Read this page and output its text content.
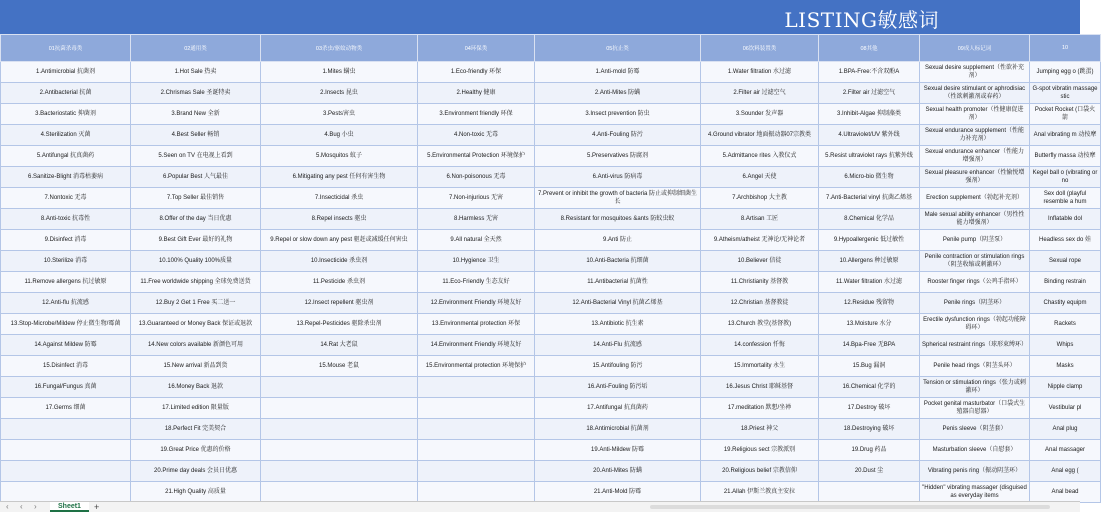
LISTING敏感词
01抗菌杀毒类	02通用类	03杀虫/驱蚊动物类	04环保类	05抗止类	06饮料装置类	08其他	09成人标记词	10
1.Antimicrobial 抗菌剂	1.Hot Sale 热卖	1.Mites 螨虫	1.Eco-friendly 环保	1.Anti-mold 防霉	1.Water filtration 水过滤	1.BPA-Free:不含双酚A	Sexual desire supplement（性欲补充剂）	Jumping egg o (跳蛋)
2.Antibacterial 抗菌	2.Chrismas Sale 圣诞特卖	2.Insects 昆虫	2.Healthy 健康	2.Anti-Mites 防螨	2.Filter air 过滤空气	2.Filter air 过滤空气	Sexual desire stimulant or aphrodisiac（性欲刺激剂或春药）	G-spot vibratin massage stic
3.Bacteriostatic 抑菌剂	3.Brand New 全新	3.Pests害虫	3.Environment friendly 环保	3.Insect prevention 防虫	3.Sounder 发声器	3.Inhibit-Algae 抑制藻类	Sexual health promoter（性健康促进剂）	Pocket Rocket (口袋火箭
4.Sterilization 灭菌	4.Best Seller 畅销	4.Bug 小虫	4.Non-toxic 无毒	4.Anti-Fouling 防污	4.Ground vibrator 地面振动器07宗教类	4.Ultraviolet/UV 紫外线	Sexual endurance supplement（性能力补充剂）	Anal vibrating m 动按摩
5.Antifungal 抗真菌药	5.Seen on TV 在电视上看到	5.Mosquitos 蚊子	5.Environmental Protection 环境保护	5.Preservatives 防腐剂	5.Admittance rites 入教仪式	5.Resist ultraviolet rays 抗紫外线	Sexual endurance enhancer（性能力增强剂）	Butterfly massa 动按摩
6.Sanitize-Blight 消毒枯萎病	6.Popular Best 人气最佳	6.Mitigating any pest 任何有害生物	6.Non-poisonous 无毒	6.Anti-virus 防病毒	6.Angel 天使	6.Micro-bio 微生物	Sexual pleasure enhancer（性愉悦增强剂）	Kegel ball o (vibrating or no
7.Nontoxic 无毒	7.Top Seller 最佳销售	7.Insecticidal 杀虫	7.Non-injurious 无害	7.Prevent or inhibit the growth of bacteria 防止或抑制细菌生长	7.Archbishop 大主教	7.Anti-Bacterial vinyl 抗菌乙烯基	Erection supplement（勃起补充剂）	Sex doll (playful resemble a hum
8.Anti-toxic 抗毒性	8.Offer of the day 当日优惠	8.Repel insects 驱虫	8.Harmless 无害	8.Resistant for mosquitoes &ants 防蚊虫蚁	8.Artisan 工匠	8.Chemical 化学品	Male sexual ability enhancer（男性性能力增强剂）	Inflatable dol
9.Disinfect 消毒	9.Best Gift Ever 最好的礼物	9.Repel or slow down any pest 驱赶或减缓任何害虫	9.All natural 全天然	9.Anti 防止	9.Atheism/atheist 无神论/无神论者	9.Hypoallergenic 低过敏性	Penile pump（阴茎泵）	Headless sex do 娃
10.Sterilize 消毒	10.100% Quality 100%质量	10.Insecticide 杀虫剂	10.Hygience 卫生	10.Anti-Bacteria 抗细菌	10.Believer 信徒	10.Allergens 种过敏原	Penile contraction or stimulation rings（阴茎收缩或刺激环）	Sexual rope
11.Remove allergens 抗过敏原	11.Free worldwide shipping 全球免费送货	11.Pesticide 杀虫剂	11.Eco-Friendly 生态友好	11.Antibacterial 抗菌性	11.Christianity 基督教	11.Water filtration 水过滤	Rooster finger rings（公鸡手指环）	Binding restrain
12.Anti-flu 抗流感	12.Buy 2 Get 1 Free 买二送一	12.Insect repellent 驱虫剂	12.Environment Friendly 环境友好	12.Anti-Bacterial Vinyl 抗菌乙烯基	12.Christian 基督教徒	12.Residue 残留物	Penile rings（阴茎环）	Chastity equipm
13.Stop-Microbe/Mildew 停止微生物/霉菌	13.Guaranteed or Money Back 保证或退款	13.Repel-Pesticides 驱除杀虫剂	13.Environmental protection 环保	13.Antibiotic 抗生素	13.Church 教堂(基督教)	13.Moisture 水分	Erectile dysfunction rings（勃起功能障碍环）	Rackets
14.Against Mildew 防霉	14.New colors available 新颜色可用	14.Rat 大老鼠	14.Environment Friendly 环境友好	14.Anti-Flu 抗流感	14.confession 忏悔	14.Bpa-Free 无BPA	Spherical restraint rings（球形束缚环）	Whips
15.Disinfect 消毒	15.New arrival 新品到货	15.Mouse 老鼠	15.Environmental protection 环境保护	15.Antifouling 防污	15.Immortality 永生	15.Bug 漏洞	Penile head rings（阴茎头环）	Masks
16.Fungal/Fungus 真菌	16.Money Back 退款			16.Anti-Fouling 防污垢	16.Jesus Christ 耶稣基督	16.Chemical 化学的	Tension or stimulation rings（张力或刺激环）	Nipple clamp
17.Germs 细菌	17.Limited edition 限量版			17.Antifungal 抗真菌药	17.meditation 默想/坐禅	17.Destroy 破坏	Pocket genital masturbator（口袋式生殖器自慰器）	Vestibular pl
	18.Perfect Fit 完美契合			18.Antimicrobial 抗菌剂	18.Priest 神父	18.Destroying 破坏	Penis sleeve（阴茎套）	Anal plug
	19.Great Price 优惠的价格			19.Anti-Mildew 防霉	19.Religious sect 宗教派别	19.Drug 药品	Masturbation sleeve（自慰套）	Anal massager
	20.Prime day deals 会员日优惠			20.Anti-Mites 防螨	20.Religious belief 宗教信仰	20.Dust 尘	Vibrating penis ring（振动阴茎环）	Anal egg (
	21.High Quality 高质量			21.Anti-Mold 防霉	21.Allah 伊斯兰教真主安拉		"Hidden" vibrating massager (disguised as everyday items	Anal bead
‹ ‹ ›	Sheet1	+
